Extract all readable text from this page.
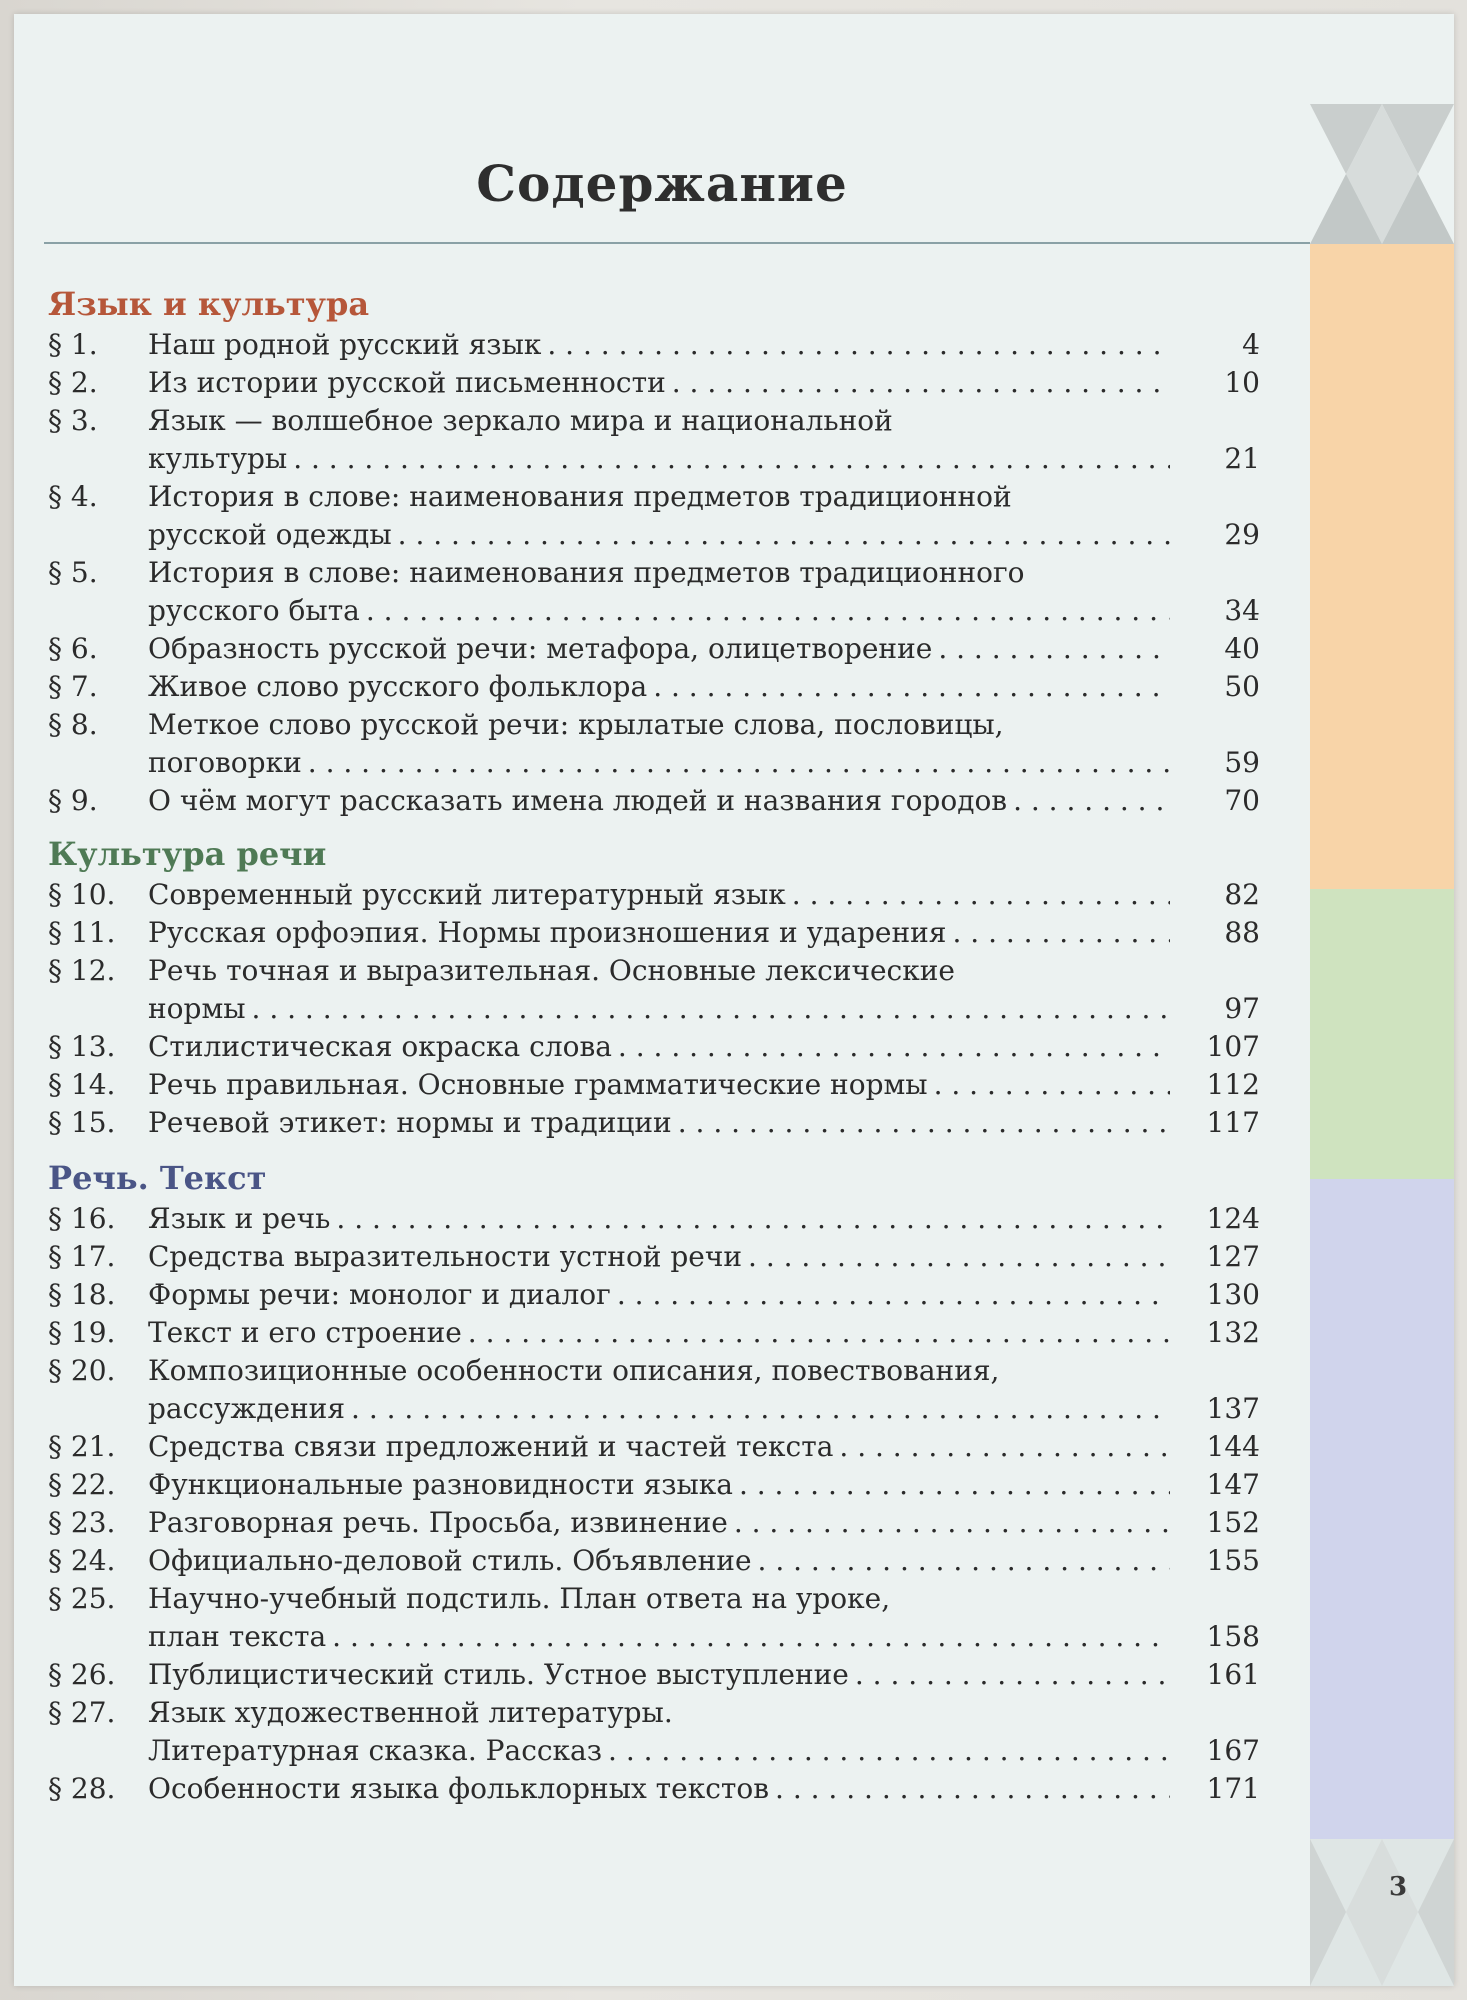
3
Содержание
Язык и культура
§ 1.	Наш родной русский язык . . .	4
§ 2.	Из истории русской письменности . . .	10
§ 3.	Язык — волшебное зеркало мира и национальной
культуры . . .	21
§ 4.	История в слове: наименования предметов традиционной
русской одежды . . .	29
§ 5.	История в слове: наименования предметов традиционного
русского быта . . .	34
§ 6.	Образность русской речи: метафора, олицетворение . . .	40
§ 7.	Живое слово русского фольклора . . .	50
§ 8.	Меткое слово русской речи: крылатые слова, пословицы,
поговорки . . .	59
§ 9.	О чём могут рассказать имена людей и названия городов . . .	70
Культура речи
§ 10.	Современный русский литературный язык . . .	82
§ 11.	Русская орфоэпия. Нормы произношения и ударения . . .	88
§ 12.	Речь точная и выразительная. Основные лексические
нормы . . .	97
§ 13.	Стилистическая окраска слова . . .	107
§ 14.	Речь правильная. Основные грамматические нормы . . .	112
§ 15.	Речевой этикет: нормы и традиции . . .	117
Речь. Текст
§ 16.	Язык и речь . . .	124
§ 17.	Средства выразительности устной речи . . .	127
§ 18.	Формы речи: монолог и диалог . . .	130
§ 19.	Текст и его строение . . .	132
§ 20.	Композиционные особенности описания, повествования,
рассуждения . . .	137
§ 21.	Средства связи предложений и частей текста . . .	144
§ 22.	Функциональные разновидности языка . . .	147
§ 23.	Разговорная речь. Просьба, извинение . . .	152
§ 24.	Официально-деловой стиль. Объявление . . .	155
§ 25.	Научно-учебный подстиль. План ответа на уроке,
план текста . . .	158
§ 26.	Публицистический стиль. Устное выступление . . .	161
§ 27.	Язык художественной литературы.
Литературная сказка. Рассказ . . .	167
§ 28.	Особенности языка фольклорных текстов . . .	171
